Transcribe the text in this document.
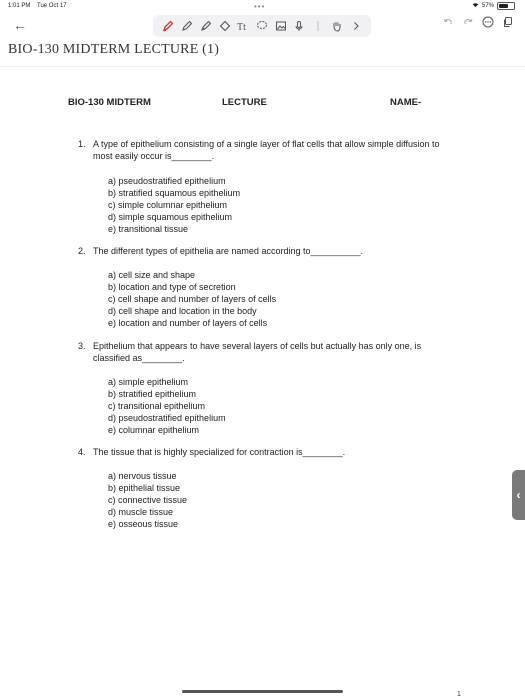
1:01 PM Tue Oct 17	57%
•••
←	Tt
BIO-130 MIDTERM LECTURE (1)
BIO-130 MIDTERM	LECTURE	NAME-
1. A type of epithelium consisting of a single layer of flat cells that allow simple diffusion to most easily occur is________.
a) pseudostratified epithelium
b) stratified squamous epithelium
c) simple columnar epithelium
d) simple squamous epithelium
e) transitional tissue
2. The different types of epithelia are named according to__________.
a) cell size and shape
b) location and type of secretion
c) cell shape and number of layers of cells
d) cell shape and location in the body
e) location and number of layers of cells
3. Epithelium that appears to have several layers of cells but actually has only one, is classified as________.
a) simple epithelium
b) stratified epithelium
c) transitional epithelium
d) pseudostratified epithelium
e) columnar epithelium
4. The tissue that is highly specialized for contraction is________.
a) nervous tissue
b) epithelial tissue
c) connective tissue
d) muscle tissue
e) osseous tissue
‹
1
